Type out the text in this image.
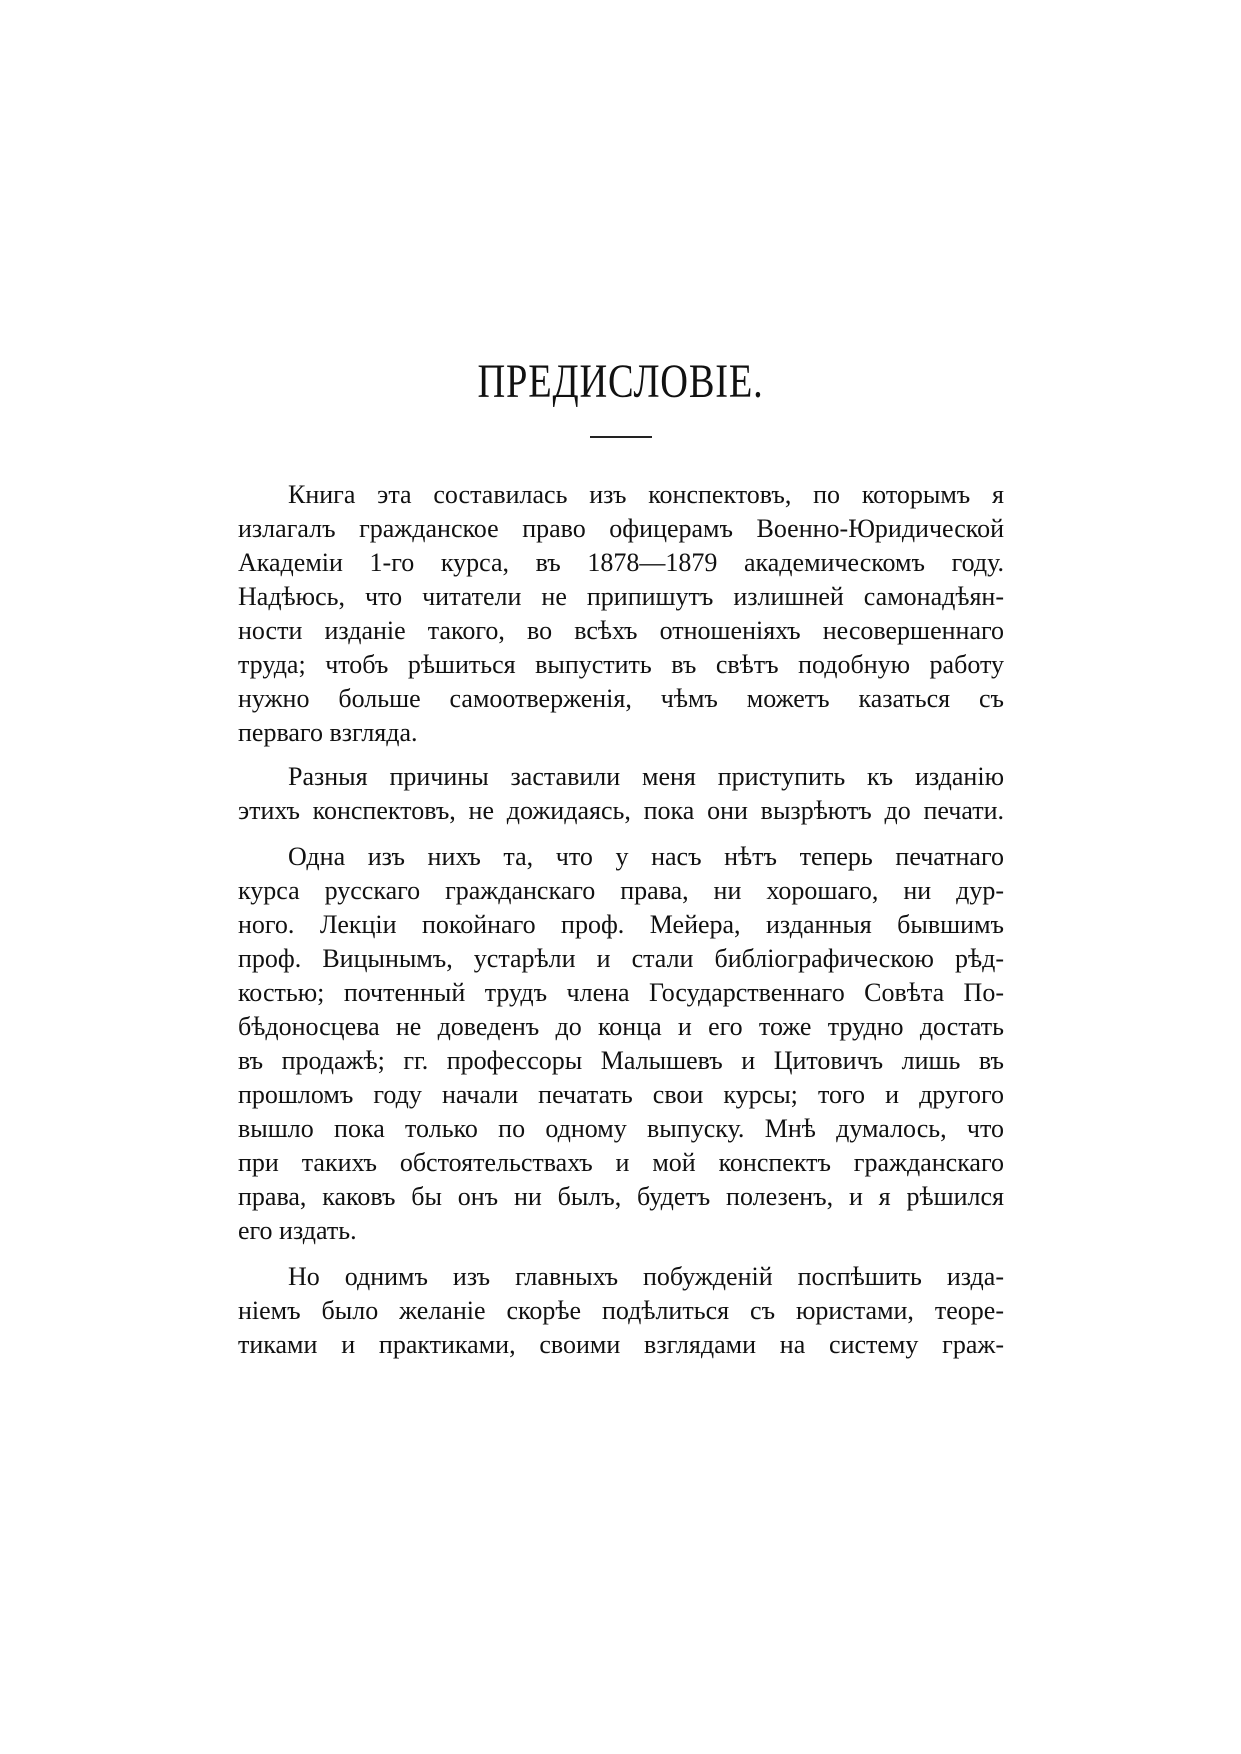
ПРЕДИСЛОВІЕ.
Книга эта составилась изъ конспектовъ, по которымъ я
излагалъ гражданское право офицерамъ Военно-Юридической
Академіи 1-го курса, въ 1878—1879 академическомъ году.
Надѣюсь, что читатели не припишутъ излишней самонадѣян-
ности изданіе такого, во всѣхъ отношеніяхъ несовершеннаго
труда; чтобъ рѣшиться выпустить въ свѣтъ подобную работу
нужно больше самоотверженія, чѣмъ можетъ казаться съ
перваго взгляда.
Разныя причины заставили меня приступить къ изданію
этихъ конспектовъ, не дожидаясь, пока они вызрѣютъ до печати.
Одна изъ нихъ та, что у насъ нѣтъ теперь печатнаго
курса русскаго гражданскаго права, ни хорошаго, ни дур-
ного. Лекціи покойнаго проф. Мейера, изданныя бывшимъ
проф. Вицынымъ, устарѣли и стали библіографическою рѣд-
костью; почтенный трудъ члена Государственнаго Совѣта По-
бѣдоносцева не доведенъ до конца и его тоже трудно достать
въ продажѣ; гг. профессоры Малышевъ и Цитовичъ лишь въ
прошломъ году начали печатать свои курсы; того и другого
вышло пока только по одному выпуску. Мнѣ думалось, что
при такихъ обстоятельствахъ и мой конспектъ гражданскаго
права, каковъ бы онъ ни былъ, будетъ полезенъ, и я рѣшился
его издать.
Но однимъ изъ главныхъ побужденій поспѣшить изда-
ніемъ было желаніе скорѣе подѣлиться съ юристами, теоре-
тиками и практиками, своими взглядами на систему граж-
